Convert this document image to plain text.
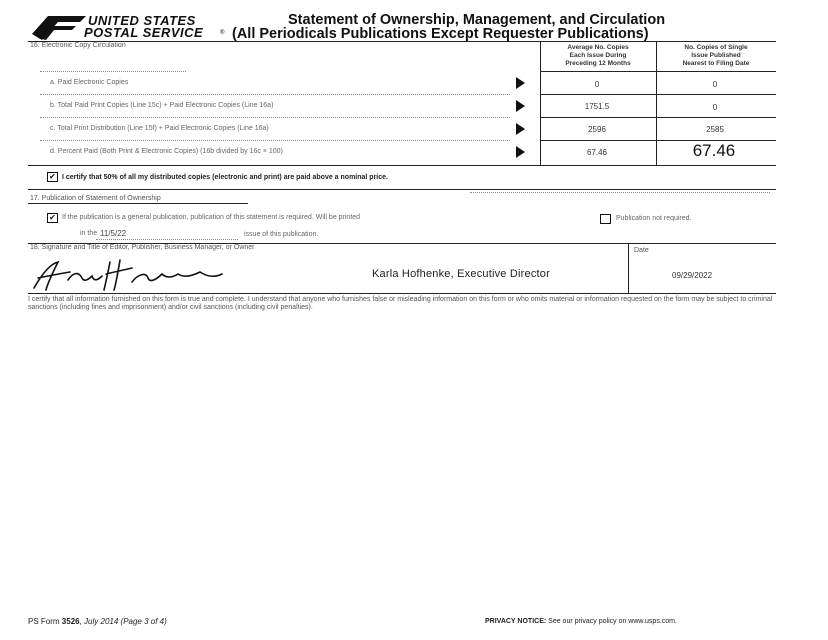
UNITED STATES
POSTAL SERVICE	®
Statement of Ownership, Management, and Circulation
(All Periodicals Publications Except Requester Publications)
16. Electronic Copy Circulation	Average No. Copies
Each Issue During
Preceding 12 Months
No. Copies of Single
Issue Published
Nearest to Filing Date
a. Paid Electronic Copies	0	0
b. Total Paid Print Copies (Line 15c) + Paid Electronic Copies (Line 16a)	1751.5	0
c. Total Print Distribution (Line 15f) + Paid Electronic Copies (Line 16a)	2596	2585
d. Percent Paid (Both Print & Electronic Copies) (16b divided by 16c × 100)	67.46	67.46
✔ I certify that 50% of all my distributed copies (electronic and print) are paid above a nominal price.
17. Publication of Statement of Ownership
✔ If the publication is a general publication, publication of this statement is required. Will be printed	Publication not required.
in the 11/5/22	issue of this publication.
18. Signature and Title of Editor, Publisher, Business Manager, or Owner	Date
Karla Hofhenke, Executive Director	09/29/2022
I certify that all information furnished on this form is true and complete. I understand that anyone who furnishes false or misleading information on this form or who omits material or information requested on the form may be subject to criminal sanctions (including fines and imprisonment) and/or civil sanctions (including civil penalties).
PS Form 3526, July 2014 (Page 3 of 4)	PRIVACY NOTICE: See our privacy policy on www.usps.com.
